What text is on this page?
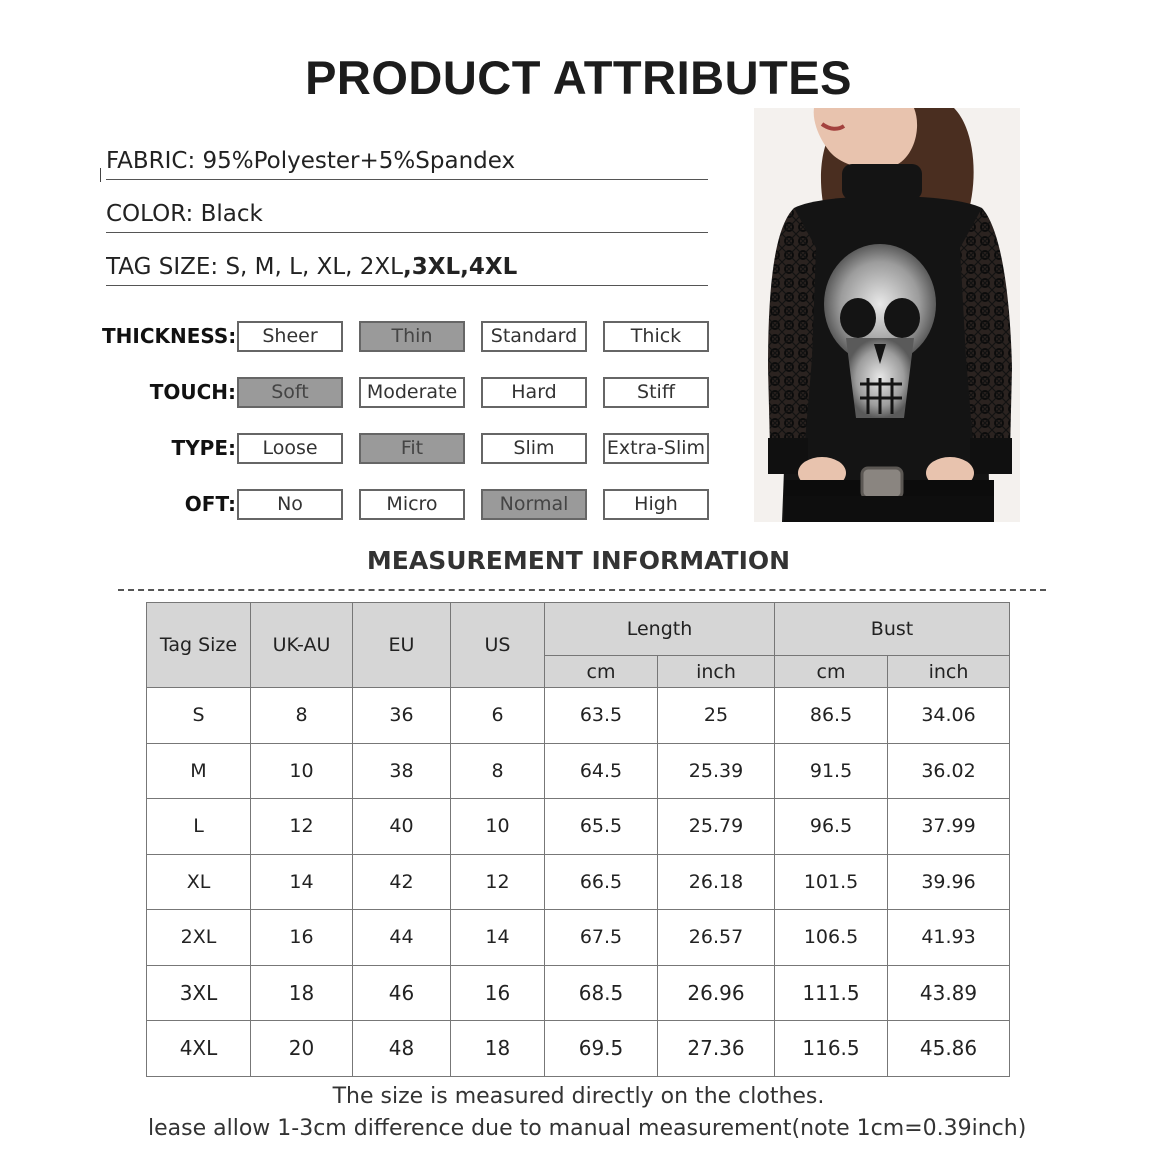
PRODUCT ATTRIBUTES
FABRIC: 95%Polyester+5%Spandex
COLOR: Black
TAG SIZE: S, M, L, XL, 2XL,3XL,4XL
THICKNESS:	Sheer	Thin	Standard	Thick
TOUCH:	Soft	Moderate	Hard	Stiff
TYPE:	Loose	Fit	Slim	Extra-Slim
OFT:	No	Micro	Normal	High
MEASUREMENT INFORMATION
Tag Size	UK-AU	EU	US	Length		Bust	
				cm	inch	cm	inch
S	8	36	6	63.5	25	86.5	34.06
M	10	38	8	64.5	25.39	91.5	36.02
L	12	40	10	65.5	25.79	96.5	37.99
XL	14	42	12	66.5	26.18	101.5	39.96
2XL	16	44	14	67.5	26.57	106.5	41.93
3XL	18	46	16	68.5	26.96	111.5	43.89
4XL	20	48	18	69.5	27.36	116.5	45.86
The size is measured directly on the clothes.
lease allow 1-3cm difference due to manual measurement(note 1cm=0.39inch)
